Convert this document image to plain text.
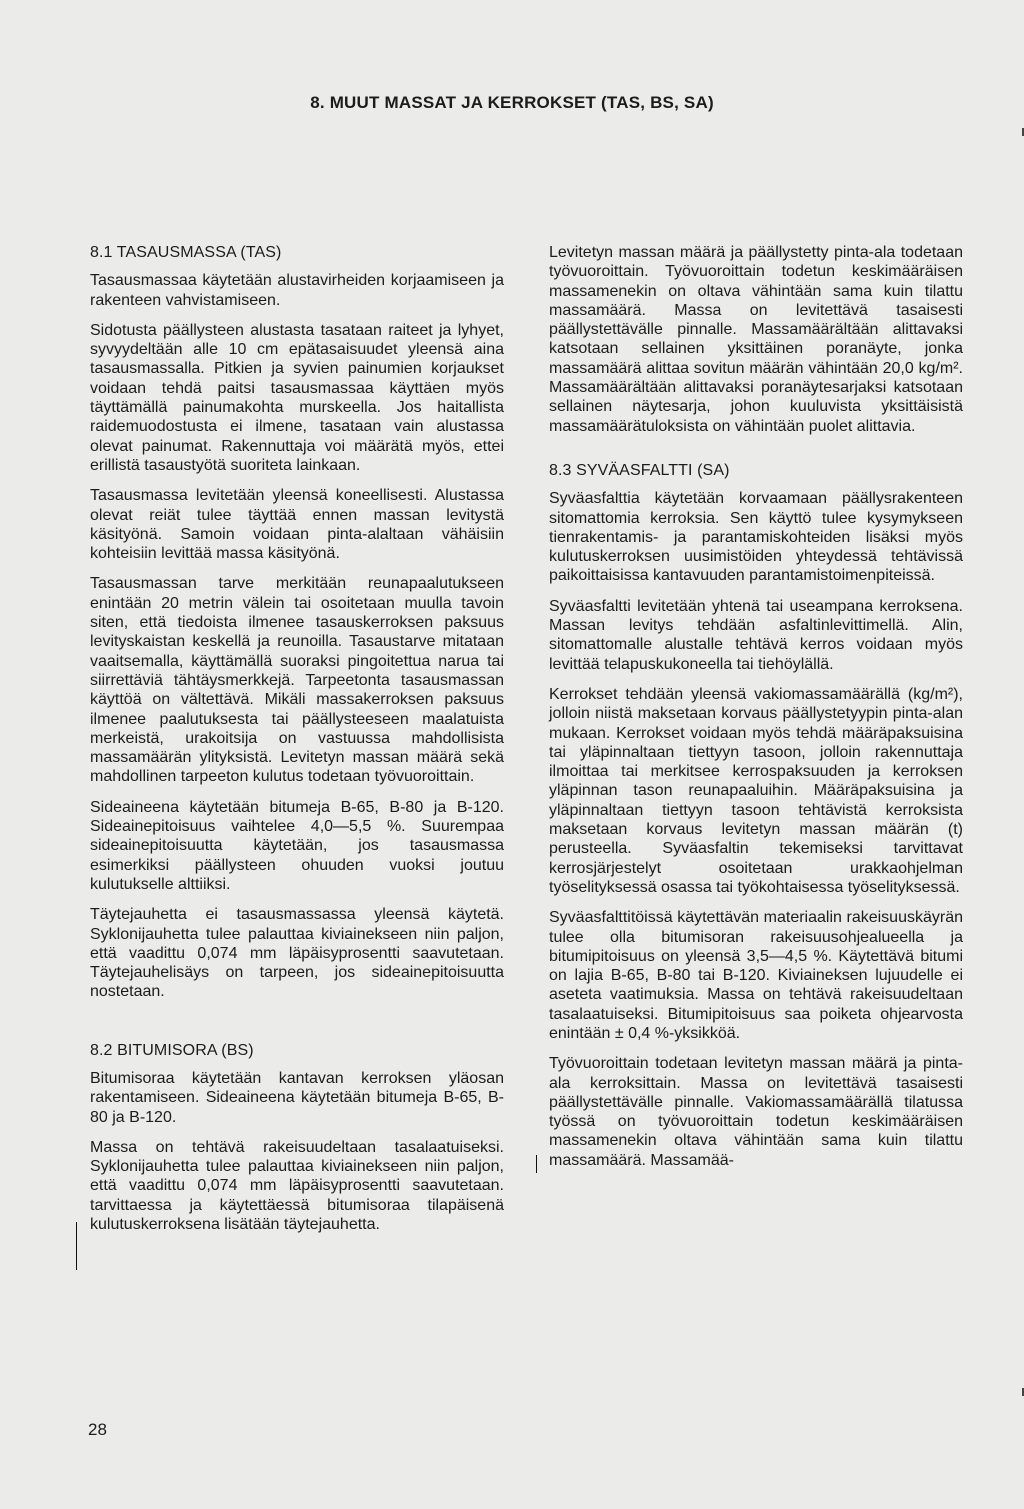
8. MUUT MASSAT JA KERROKSET (TAS, BS, SA)
8.1 TASAUSMASSA (TAS)

Tasausmassaa käytetään alustavirheiden korjaamiseen ja rakenteen vahvistamiseen.

Sidotusta päällysteen alustasta tasataan raiteet ja lyhyet, syvyydeltään alle 10 cm epätasaisuudet yleensä aina tasausmassalla. Pitkien ja syvien painumien korjaukset voidaan tehdä paitsi tasausmassaa käyttäen myös täyttämällä painumakohta murskeella. Jos haitallista raidemuodostusta ei ilmene, tasataan vain alustassa olevat painumat. Rakennuttaja voi määrätä myös, ettei erillistä tasaustyötä suoriteta lainkaan.

Tasausmassa levitetään yleensä koneellisesti. Alustassa olevat reiät tulee täyttää ennen massan levitystä käsityönä. Samoin voidaan pinta-alaltaan vähäisiin kohteisiin levittää massa käsityönä.

Tasausmassan tarve merkitään reunapaalutukseen enintään 20 metrin välein tai osoitetaan muulla tavoin siten, että tiedoista ilmenee tasauskerroksen paksuus levityskaistan keskellä ja reunoilla. Tasaustarve mitataan vaaitsemalla, käyttämällä suoraksi pingoitettua narua tai siirrettäviä tähtäysmerkkejä. Tarpeetonta tasausmassan käyttöä on vältettävä. Mikäli massakerroksen paksuus ilmenee paalutuksesta tai päällysteeseen maalatuista merkeistä, urakoitsija on vastuussa mahdollisista massamäärän ylityksistä. Levitetyn massan määrä sekä mahdollinen tarpeeton kulutus todetaan työvuoroittain.

Sideaineena käytetään bitumeja B-65, B-80 ja B-120. Sideainepitoisuus vaihtelee 4,0—5,5 %. Suurempaa sideainepitoisuutta käytetään, jos tasausmassa esimerkiksi päällysteen ohuuden vuoksi joutuu kulutukselle alttiiksi.

Täytejauhetta ei tasausmassassa yleensä käytetä. Syklonijauhetta tulee palauttaa kiviainekseen niin paljon, että vaadittu 0,074 mm läpäisyprosentti saavutetaan. Täytejauhelisäys on tarpeen, jos sideainepitoisuutta nostetaan.

8.2 BITUMISORA (BS)

Bitumisoraa käytetään kantavan kerroksen yläosan rakentamiseen. Sideaineena käytetään bitumeja B-65, B-80 ja B-120.

Massa on tehtävä rakeisuudeltaan tasalaatuiseksi. Syklonijauhetta tulee palauttaa kiviainekseen niin paljon, että vaadittu 0,074 mm läpäisyprosentti saavutetaan. tarvittaessa ja käytettäessä bitumisoraa tilapäisenä kulutuskerroksena lisätään täytejauhetta.

Levitetyn massan määrä ja päällystetty pinta-ala todetaan työvuoroittain. Työvuoroittain todetun keskimääräisen massamenekin on oltava vähintään sama kuin tilattu massamäärä. Massa on levitettävä tasaisesti päällystettävälle pinnalle. Massamäärältään alittavaksi katsotaan sellainen yksittäinen poranäyte, jonka massamäärä alittaa sovitun määrän vähintään 20,0 kg/m². Massamäärältään alittavaksi poranäytesarjaksi katsotaan sellainen näytesarja, johon kuuluvista yksittäisistä massamäärätuloksista on vähintään puolet alittavia.

8.3 SYVÄASFALTTI (SA)

Syväasfalttia käytetään korvaamaan päällysrakenteen sitomattomia kerroksia. Sen käyttö tulee kysymykseen tienrakentamis- ja parantamiskohteiden lisäksi myös kulutuskerroksen uusimistöiden yhteydessä tehtävissä paikoittaisissa kantavuuden parantamistoimenpiteissä.

Syväasfaltti levitetään yhtenä tai useampana kerroksena. Massan levitys tehdään asfaltinlevittimellä. Alin, sitomattomalle alustalle tehtävä kerros voidaan myös levittää telapuskukoneella tai tiehöylällä.

Kerrokset tehdään yleensä vakiomassamäärällä (kg/m²), jolloin niistä maksetaan korvaus päällystetyypin pinta-alan mukaan. Kerrokset voidaan myös tehdä määräpaksuisina tai yläpinnaltaan tiettyyn tasoon, jolloin rakennuttaja ilmoittaa tai merkitsee kerrospaksuuden ja kerroksen yläpinnan tason reunapaaluihin. Määräpaksuisina ja yläpinnaltaan tiettyyn tasoon tehtävistä kerroksista maksetaan korvaus levitetyn massan määrän (t) perusteella. Syväasfaltin tekemiseksi tarvittavat kerrosjärjestelyt osoitetaan urakkaohjelman työselityksessä osassa tai työkohtaisessa työselityksessä.

Syväasfalttitöissä käytettävän materiaalin rakeisuuskäyrän tulee olla bitumisoran rakeisuusohjealueella ja bitumipitoisuus on yleensä 3,5—4,5 %. Käytettävä bitumi on lajia B-65, B-80 tai B-120. Kiviaineksen lujuudelle ei aseteta vaatimuksia. Massa on tehtävä rakeisuudeltaan tasalaatuiseksi. Bitumipitoisuus saa poiketa ohjearvosta enintään ± 0,4 %-yksikköä.

Työvuoroittain todetaan levitetyn massan määrä ja pinta-ala kerroksittain. Massa on levitettävä tasaisesti päällystettävälle pinnalle. Vakiomassamäärällä tilatussa työssä on työvuoroittain todetun keskimääräisen massamenekin oltava vähintään sama kuin tilattu massamäärä. Massamää-

28
